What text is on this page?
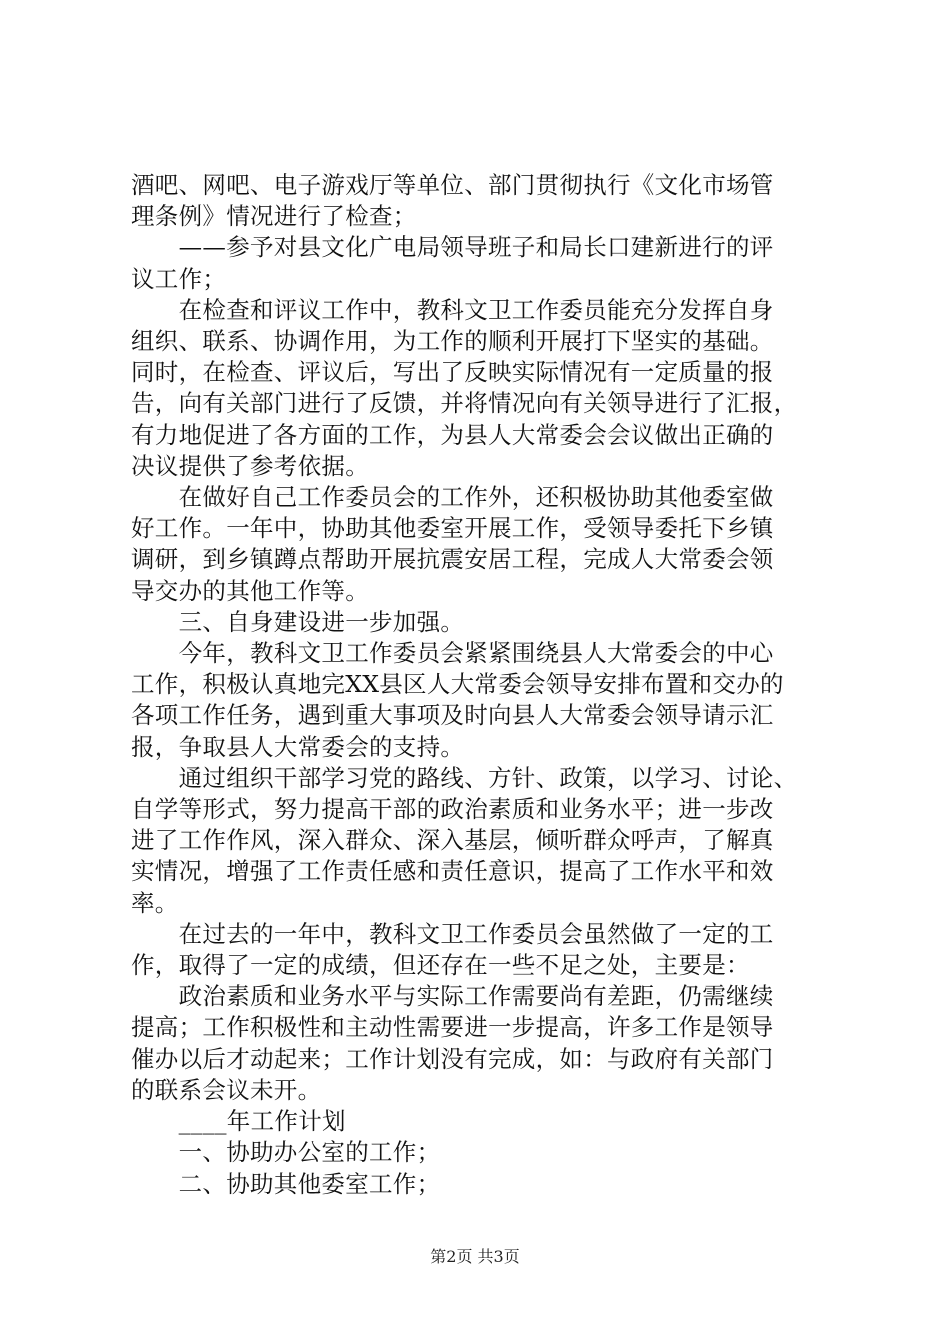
酒吧、网吧、电子游戏厅等单位、部门贯彻执行《文化市场管
理条例》情况进行了检查；
　　——参予对县文化广电局领导班子和局长口建新进行的评
议工作；
　　在检查和评议工作中，教科文卫工作委员能充分发挥自身
组织、联系、协调作用，为工作的顺利开展打下坚实的基础。
同时，在检查、评议后，写出了反映实际情况有一定质量的报
告，向有关部门进行了反馈，并将情况向有关领导进行了汇报，
有力地促进了各方面的工作，为县人大常委会会议做出正确的
决议提供了参考依据。
　　在做好自己工作委员会的工作外，还积极协助其他委室做
好工作。一年中，协助其他委室开展工作，受领导委托下乡镇
调研，到乡镇蹲点帮助开展抗震安居工程，完成人大常委会领
导交办的其他工作等。
　　三、自身建设进一步加强。
　　今年，教科文卫工作委员会紧紧围绕县人大常委会的中心
工作，积极认真地完XX县区人大常委会领导安排布置和交办的
各项工作任务，遇到重大事项及时向县人大常委会领导请示汇
报，争取县人大常委会的支持。
　　通过组织干部学习党的路线、方针、政策，以学习、讨论、
自学等形式，努力提高干部的政治素质和业务水平；进一步改
进了工作作风，深入群众、深入基层，倾听群众呼声，了解真
实情况，增强了工作责任感和责任意识，提高了工作水平和效
率。
　　在过去的一年中，教科文卫工作委员会虽然做了一定的工
作，取得了一定的成绩，但还存在一些不足之处，主要是：
　　政治素质和业务水平与实际工作需要尚有差距，仍需继续
提高；工作积极性和主动性需要进一步提高，许多工作是领导
催办以后才动起来；工作计划没有完成，如：与政府有关部门
的联系会议未开。
　　____年工作计划
　　一、协助办公室的工作；
　　二、协助其他委室工作；
第2页 共3页
